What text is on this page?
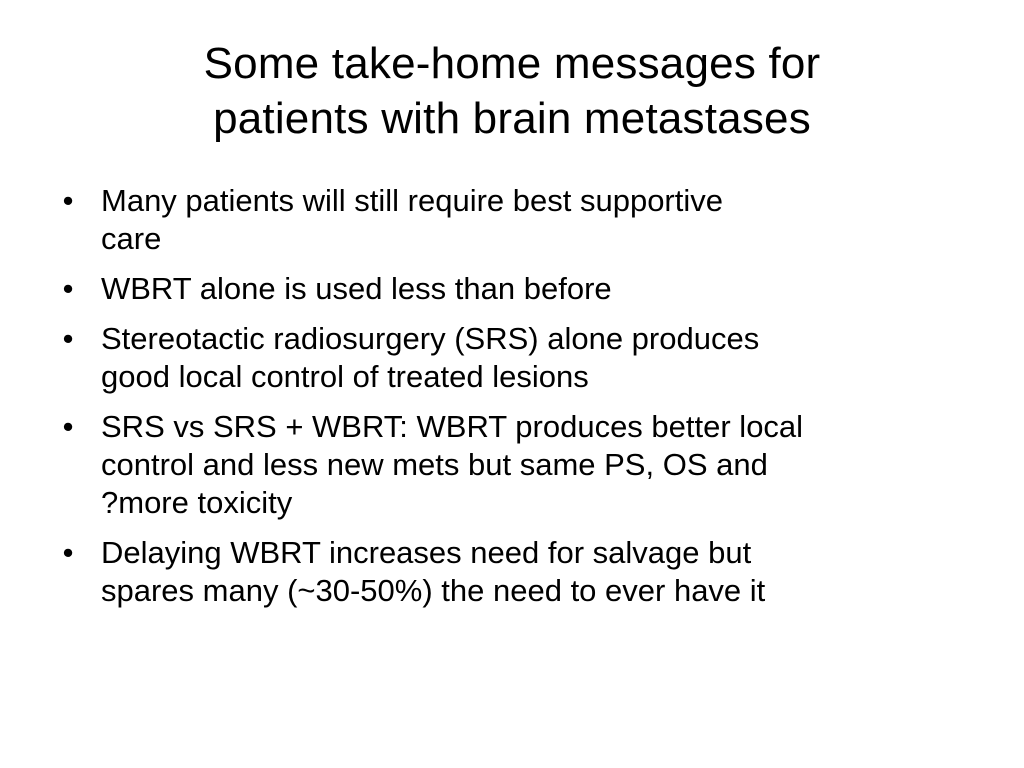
Some take-home messages for
patients with brain metastases
• Many patients will still require best supportive
care
• WBRT alone is used less than before
• Stereotactic radiosurgery (SRS) alone produces
good local control of treated lesions
• SRS vs SRS + WBRT: WBRT produces better local
control and less new mets but same PS, OS and
?more toxicity
• Delaying WBRT increases need for salvage but
spares many (~30-50%) the need to ever have it
